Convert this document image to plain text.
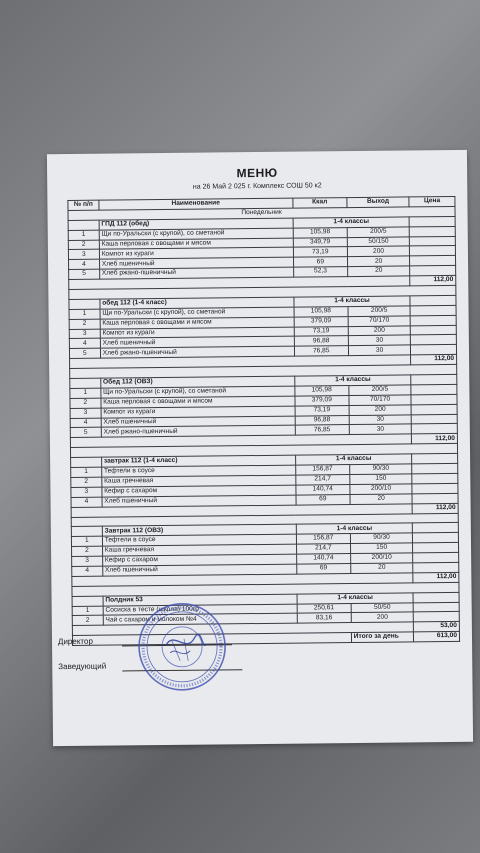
МЕНЮ
на 26 Май 2 025 г. Комплекс СОШ 50 к2
№ п/п	Наименование	Ккал	Выход	Цена
Понедельник				
	ГПД 112 (обед)	1-4 классы		
1	Щи по-Уральски (с крупой), со сметаной	105,98	200/5	
2	Каша перловая с овощами и мясом	349,79	50/150	
3	Компот из кураги	73,19	200	
4	Хлеб пшеничный	69	20	
5	Хлеб ржано-пшеничный	52,3	20	
				112,00

	обед 112 (1-4 класс)	1-4 классы		
1	Щи по-Уральски (с крупой), со сметаной	105,98	200/5	
2	Каша перловая с овощами и мясом	379,09	70/170	
3	Компот из кураги	73,19	200	
4	Хлеб пшеничный	96,88	30	
5	Хлеб ржано-пшеничный	76,85	30	
				112,00

	Обед 112 (ОВЗ)	1-4 классы		
1	Щи по-Уральски (с крупой), со сметаной	105,98	200/5	
2	Каша перловая с овощами и мясом	379,09	70/170	
3	Компот из кураги	73,19	200	
4	Хлеб пшеничный	96,88	30	
5	Хлеб ржано-пшеничный	76,85	30	
				112,00

	завтрак 112 (1-4 класс)	1-4 классы		
1	Тефтели в соусе	156,87	90/30	
2	Каша гречневая	214,7	150	
3	Кефир с сахаром	140,74	200/10	
4	Хлеб пшеничный	69	20	
				112,00

	Завтрак 112 (ОВЗ)	1-4 классы		
1	Тефтели в соусе	156,87	90/30	
2	Каша гречневая	214,7	150	
3	Кефир с сахаром	140,74	200/10	
4	Хлеб пшеничный	69	20	
				112,00

	Полдник 53	1-4 классы		
1	Сосиска в тесте (школа) 100гр	250,61	50/50	
2	Чай с сахаром и молоком №4	83,16	200	
				53,00
			Итого за день	613,00
Директор
Заведующий
